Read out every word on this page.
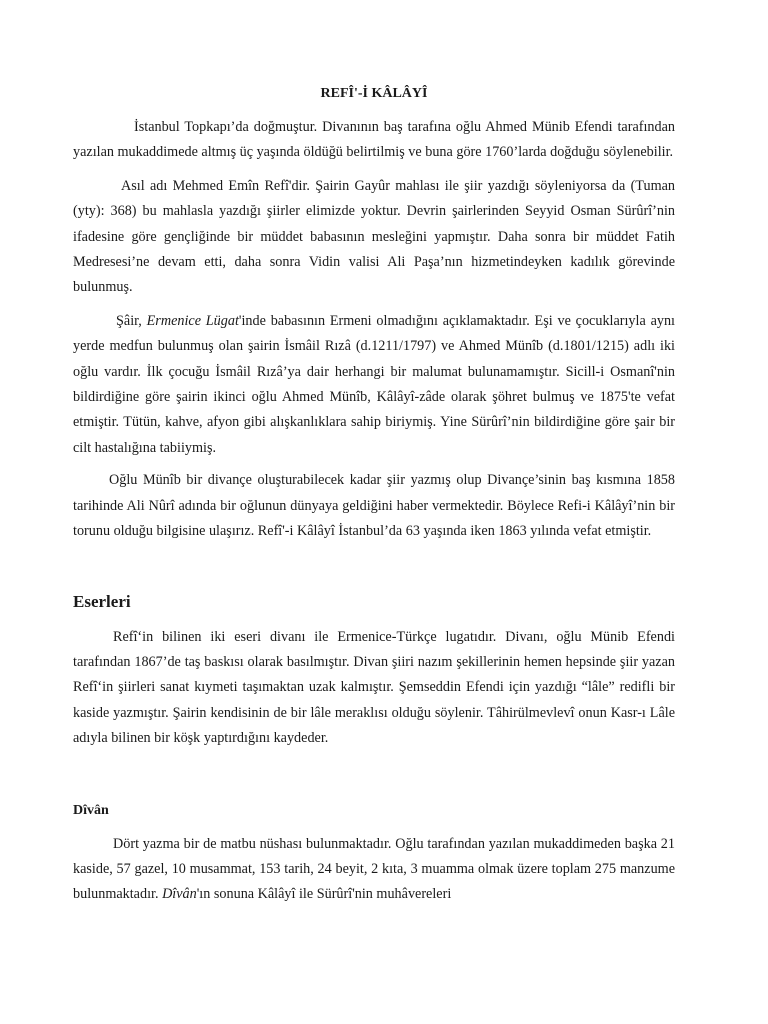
REFÎ'-İ KÂLÂYÎ

İstanbul Topkapı’da doğmuştur. Divanının baş tarafına oğlu Ahmed Münib Efendi tarafından yazılan mukaddimede altmış üç yaşında öldüğü belirtilmiş ve buna göre 1760’larda doğduğu söylenebilir.

Asıl adı Mehmed Emîn Refî'dir. Şairin Gayûr mahlası ile şiir yazdığı söyleniyorsa da (Tuman (yty): 368) bu mahlasla yazdığı şiirler elimizde yoktur. Devrin şairlerinden Seyyid Osman Sürûrî’nin ifadesine göre gençliğinde bir müddet babasının mesleğini yapmıştır. Daha sonra bir müddet Fatih Medresesi’ne devam etti, daha sonra Vidin valisi Ali Paşa’nın hizmetindeyken kadılık görevinde bulunmuş.

Şâir, Ermenice Lügat'inde babasının Ermeni olmadığını açıklamaktadır. Eşi ve çocuklarıyla aynı yerde medfun bulunmuş olan şairin İsmâil Rızâ (d.1211/1797) ve Ahmed Münîb (d.1801/1215) adlı iki oğlu vardır. İlk çocuğu İsmâil Rızâ’ya dair herhangi bir malumat bulunamamıştır. Sicill-i Osmanî'nin bildirdiğine göre şairin ikinci oğlu Ahmed Münîb, Kâlâyî-zâde olarak şöhret bulmuş ve 1875'te vefat etmiştir. Tütün, kahve, afyon gibi alışkanlıklara sahip biriymiş. Yine Sürûrî’nin bildirdiğine göre şair bir cilt hastalığına tabiiymiş.

Oğlu Münîb bir divançe oluşturabilecek kadar şiir yazmış olup Divançe’sinin baş kısmına 1858 tarihinde Ali Nûrî adında bir oğlunun dünyaya geldiğini haber vermektedir. Böylece Refi-i Kâlâyî’nin bir torunu olduğu bilgisine ulaşırız. Refî'-i Kâlâyî İstanbul’da 63 yaşında iken 1863 yılında vefat etmiştir.

Eserleri

Refî‘in bilinen iki eseri divanı ile Ermenice-Türkçe lugatıdır. Divanı, oğlu Münib Efendi tarafından 1867’de taş baskısı olarak basılmıştır. Divan şiiri nazım şekillerinin hemen hepsinde şiir yazan Refî‘in şiirleri sanat kıymeti taşımaktan uzak kalmıştır. Şemseddin Efendi için yazdığı “lâle” redifli bir kaside yazmıştır. Şairin kendisinin de bir lâle meraklısı olduğu söylenir. Tâhirülmevlevî onun Kasr-ı Lâle adıyla bilinen bir köşk yaptırdığını kaydeder.

Dîvân

Dört yazma bir de matbu nüshası bulunmaktadır. Oğlu tarafından yazılan mukaddimeden başka 21 kaside, 57 gazel, 10 musammat, 153 tarih, 24 beyit, 2 kıta, 3 muamma olmak üzere toplam 275 manzume bulunmaktadır. Dîvân'ın sonuna Kâlâyî ile Sürûrî'nin muhâvereleri
